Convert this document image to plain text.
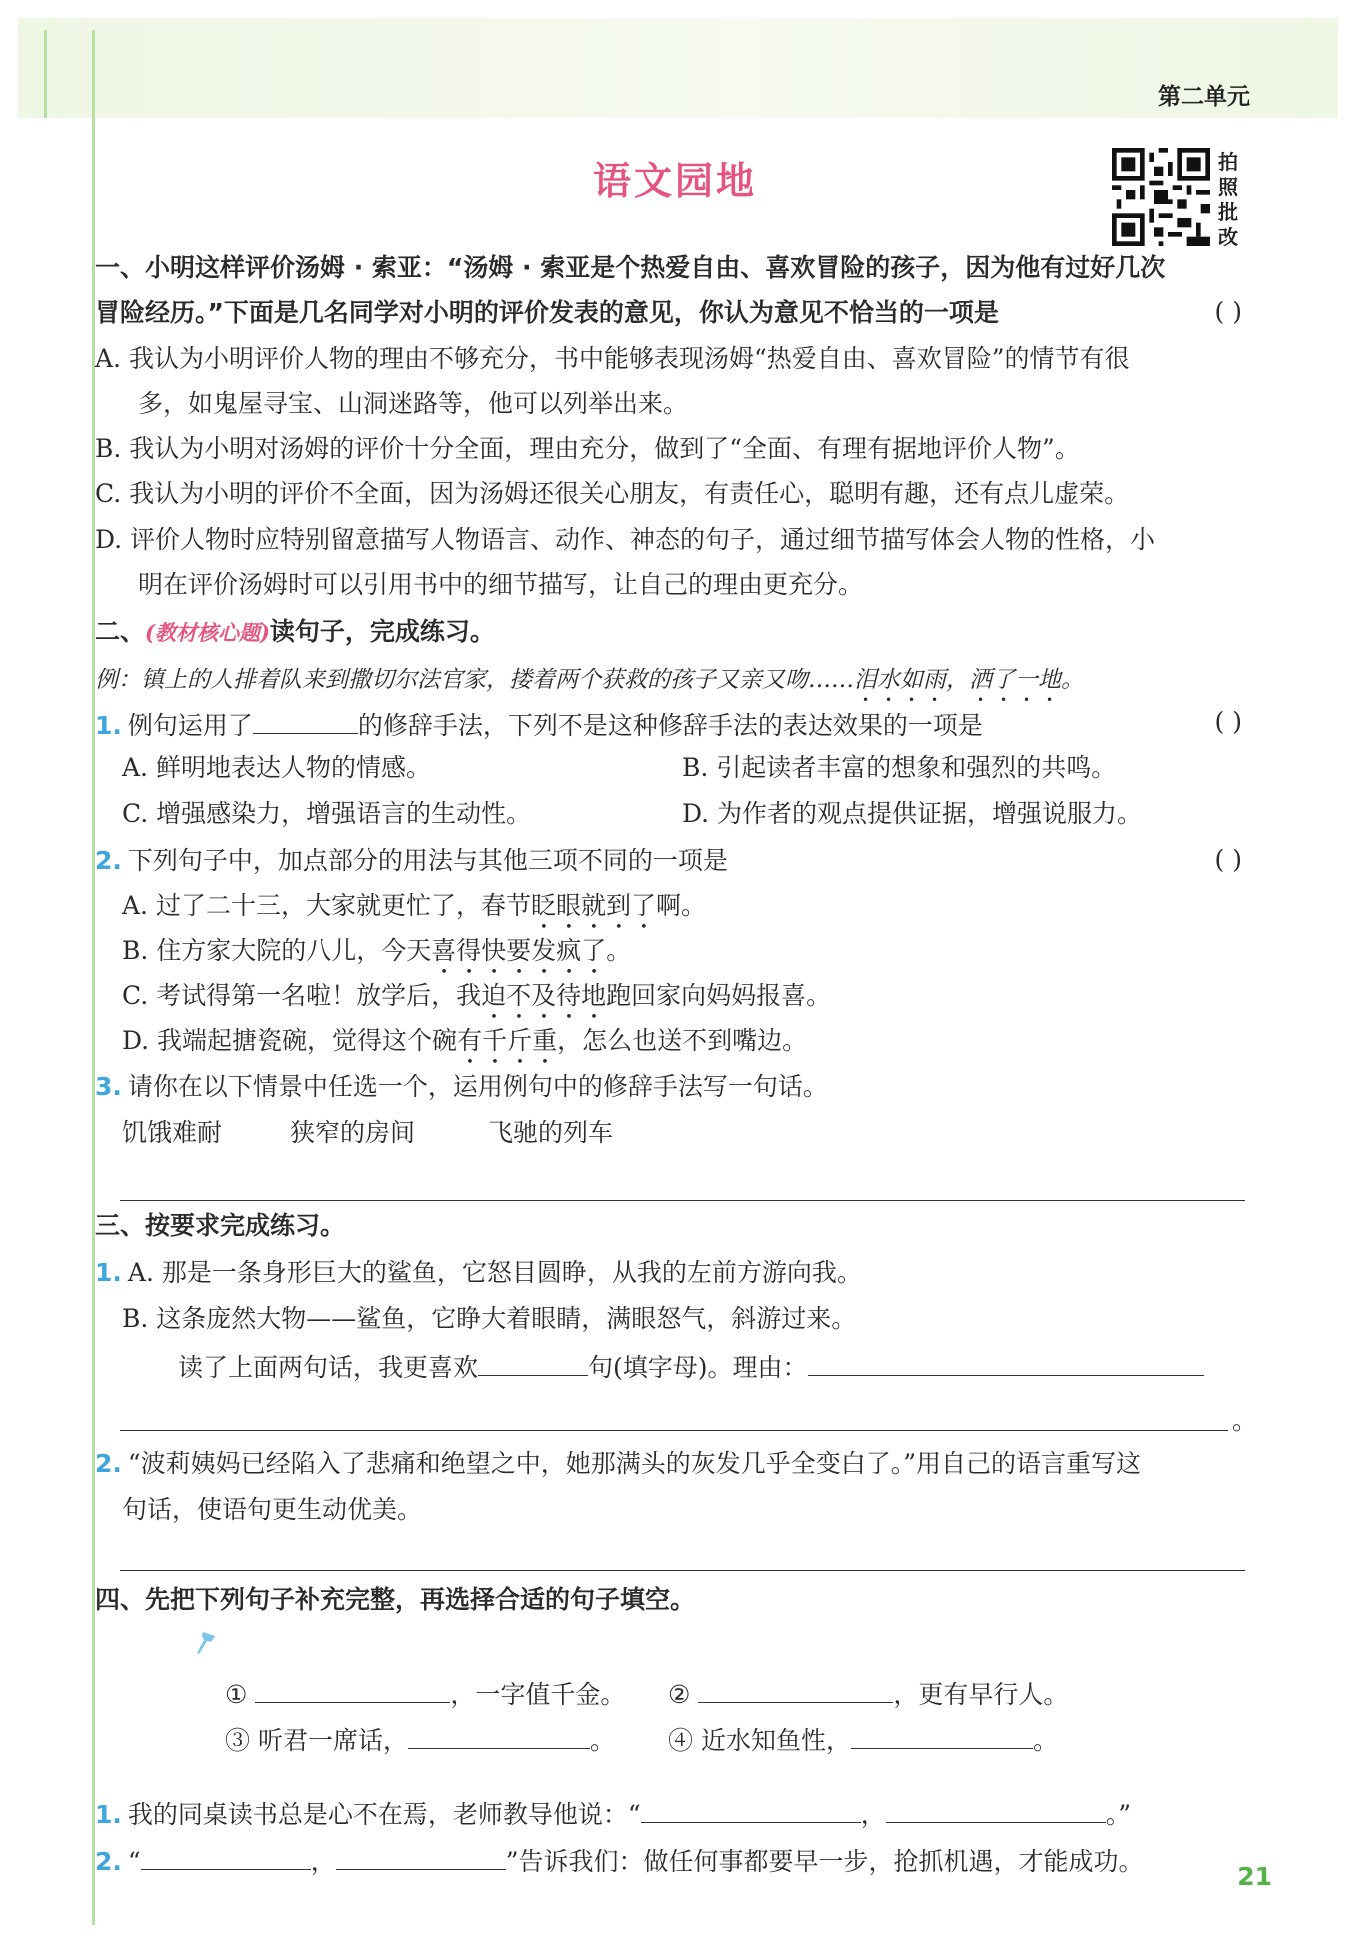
第二单元
语文园地	拍
照
批
改
一、小明这样评价汤姆 · 索亚：“汤姆 · 索亚是个热爱自由、喜欢冒险的孩子，因为他有过好几次
冒险经历。”下面是几名同学对小明的评价发表的意见，你认为意见不恰当的一项是	( )
A. 我认为小明评价人物的理由不够充分，书中能够表现汤姆“热爱自由、喜欢冒险”的情节有很
多，如鬼屋寻宝、山洞迷路等，他可以列举出来。
B. 我认为小明对汤姆的评价十分全面，理由充分，做到了“全面、有理有据地评价人物”。
C. 我认为小明的评价不全面，因为汤姆还很关心朋友，有责任心，聪明有趣，还有点儿虚荣。
D. 评价人物时应特别留意描写人物语言、动作、神态的句子，通过细节描写体会人物的性格，小
明在评价汤姆时可以引用书中的细节描写，让自己的理由更充分。
二、(教材核心题)读句子，完成练习。
例：镇上的人排着队来到撒切尔法官家，搂着两个获救的孩子又亲又吻……泪水如雨，洒了一地。
1. 例句运用了	的修辞手法，下列不是这种修辞手法的表达效果的一项是	( )
A. 鲜明地表达人物的情感。	B. 引起读者丰富的想象和强烈的共鸣。
C. 增强感染力，增强语言的生动性。	D. 为作者的观点提供证据，增强说服力。
2. 下列句子中，加点部分的用法与其他三项不同的一项是	( )
A. 过了二十三，大家就更忙了，春节眨眼就到了啊。
B. 住方家大院的八儿，今天喜得快要发疯了。
C. 考试得第一名啦！放学后，我迫不及待地跑回家向妈妈报喜。
D. 我端起搪瓷碗，觉得这个碗有千斤重，怎么也送不到嘴边。
3. 请你在以下情景中任选一个，运用例句中的修辞手法写一句话。
饥饿难耐	狭窄的房间	飞驰的列车
三、按要求完成练习。
1. A. 那是一条身形巨大的鲨鱼，它怒目圆睁，从我的左前方游向我。
B. 这条庞然大物——鲨鱼，它睁大着眼睛，满眼怒气，斜游过来。
读了上面两句话，我更喜欢	句(填字母)。理由：
。
2. “波莉姨妈已经陷入了悲痛和绝望之中，她那满头的灰发几乎全变白了。”用自己的语言重写这
句话，使语句更生动优美。
四、先把下列句子补充完整，再选择合适的句子填空。
①	，一字值千金。 ②	，更有早行人。
③ 听君一席话，	。 ④ 近水知鱼性，	。
1. 我的同桌读书总是心不在焉，老师教导他说：“	，	。”
2. “	，	”告诉我们：做任何事都要早一步，抢抓机遇，才能成功。
21
